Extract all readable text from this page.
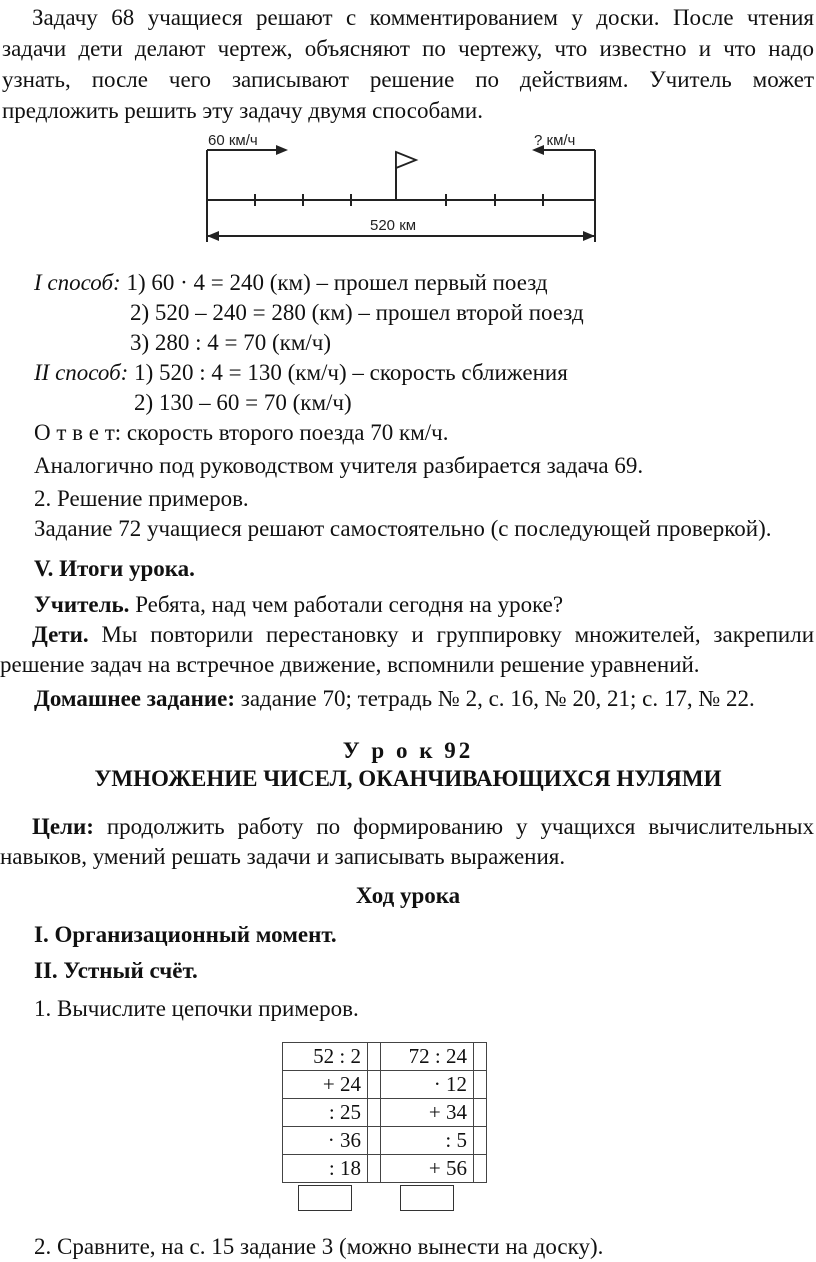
Задачу 68 учащиеся решают с комментированием у доски. После чтения задачи дети делают чертеж, объясняют по чертежу, что известно и что надо узнать, после чего записывают решение по действиям. Учитель может предложить решить эту задачу двумя способами.

60 км/ч	? км/ч
520 км
I способ: 1) 60 · 4 = 240 (км) – прошел первый поезд
2) 520 – 240 = 280 (км) – прошел второй поезд
3) 280 : 4 = 70 (км/ч)
II способ: 1) 520 : 4 = 130 (км/ч) – скорость сближения
2) 130 – 60 = 70 (км/ч)
О т в е т: скорость второго поезда 70 км/ч.
Аналогично под руководством учителя разбирается задача 69.
2. Решение примеров.
Задание 72 учащиеся решают самостоятельно (с последующей проверкой).
V. Итоги урока.
Учитель. Ребята, над чем работали сегодня на уроке?

Дети. Мы повторили перестановку и группировку множителей, закрепили решение задач на встречное движение, вспомнили решение уравнений.

Домашнее задание: задание 70; тетрадь № 2, с. 16, № 20, 21; с. 17, № 22.
У р о к 92
УМНОЖЕНИЕ ЧИСЕЛ, ОКАНЧИВАЮЩИХСЯ НУЛЯМИ

Цели: продолжить работу по формированию у учащихся вычислительных навыков, умений решать задачи и записывать выражения.

Ход урока
I. Организационный момент.
II. Устный счёт.
1. Вычислите цепочки примеров.
52 : 2		72 : 24	
+ 24		· 12	
: 25		+ 34	
· 36		: 5	
: 18		+ 56	

2. Сравните, на с. 15 задание 3 (можно вынести на доску).
